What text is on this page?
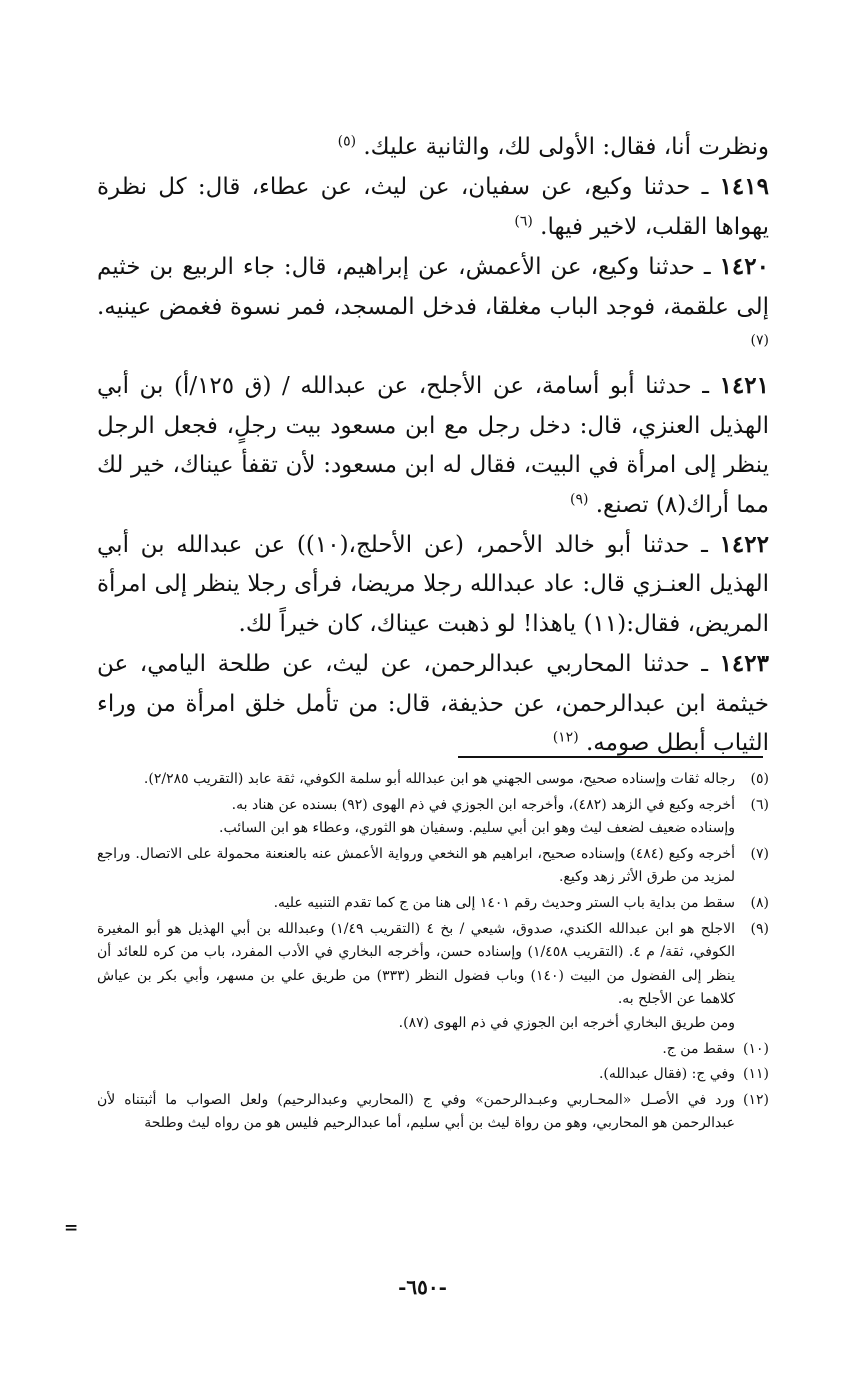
ونظرت أنا، فقال: الأولى لك، والثانية عليك. $^{(٥)}$

١٤١٩ ـ حدثنا وكيع، عن سفيان، عن ليث، عن عطاء، قال: كل نظرة يهواها القلب، لاخير فيها. $^{(٦)}$

١٤٢٠ ـ حدثنا وكيع، عن الأعمش، عن إبراهيم، قال: جاء الربيع بن خثيم إلى علقمة، فوجد الباب مغلقا، فدخل المسجد، فمر نسوة فغمض عينيه. $^{(٧)}$

١٤٢١ ـ حدثنا أبو أسامة، عن الأجلح، عن عبدالله / (ق ١٢٥/أ) بن أبي الهذيل العنزي، قال: دخل رجل مع ابن مسعود بيت رجلٍ، فجعل الرجل ينظر إلى امرأة في البيت، فقال له ابن مسعود: لأن تقفأ عيناك، خير لك مما أراك(٨) تصنع. $^{(٩)}$

١٤٢٢ ـ حدثنا أبو خالد الأحمر، (عن الأحلج،(١٠)) عن عبدالله بن أبي الهذيل العنـزي قال: عاد عبدالله رجلا مريضا، فرأى رجلا ينظر إلى امرأة المريض، فقال:(١١) ياهذا! لو ذهبت عيناك، كان خيراً لك.

١٤٢٣ ـ حدثنا المحاربي عبدالرحمن، عن ليث، عن طلحة اليامي، عن خيثمة ابن عبدالرحمن، عن حذيفة، قال: من تأمل خلق امرأة من وراء الثياب أبطل صومه. $^{(١٢)}$

(٥)

رجاله ثقات وإسناده صحيح، موسى الجهني هو ابن عبدالله أبو سلمة الكوفي، ثقة عابد (التقريب ٢/٢٨٥).

(٦)

أخرجه وكيع في الزهد (٤٨٢)، وأخرجه ابن الجوزي في ذم الهوى (٩٢) بسنده عن هناد به.

وإسناده ضعيف لضعف ليث وهو ابن أبي سليم. وسفيان هو الثوري، وعطاء هو ابن السائب.

(٧)

أخرجه وكيع (٤٨٤) وإسناده صحيح، ابراهيم هو النخعي ورواية الأعمش عنه بالعنعنة محمولة على الاتصال. وراجع لمزيد من طرق الأثر زهد وكيع.

(٨)

سقط من بداية باب الستر وحديث رقم ١٤٠١ إلى هنا من ج كما تقدم التنبيه عليه.

(٩)

الاجلح هو ابن عبدالله الكندي، صدوق، شيعي / بخ ٤ (التقريب ١/٤٩) وعبدالله بن أبي الهذيل هو أبو المغيرة الكوفي، ثقة/ م ٤. (التقريب ١/٤٥٨) وإسناده حسن، وأخرجه البخاري في الأدب المفرد، باب من كره للعائد أن ينظر إلى الفضول من البيت (١٤٠) وباب فضول النظر (٣٣٣) من طريق علي بن مسهر، وأبي بكر بن عياش كلاهما عن الأجلح به.

ومن طريق البخاري أخرجه ابن الجوزي في ذم الهوى (٨٧).

(١٠)

سقط من ج.

(١١)

وفي ج: (فقال عبدالله).

(١٢)

ورد في الأصـل «المحـاربي وعبـدالرحمن» وفي ج (المحاربي وعبدالرحيم) ولعل الصواب ما أثبتناه لأن عبدالرحمن هو المحاربي، وهو من رواة ليث بن أبي سليم، أما عبدالرحيم فليس هو من رواه ليث وطلحة

=
-٦٥٠-
